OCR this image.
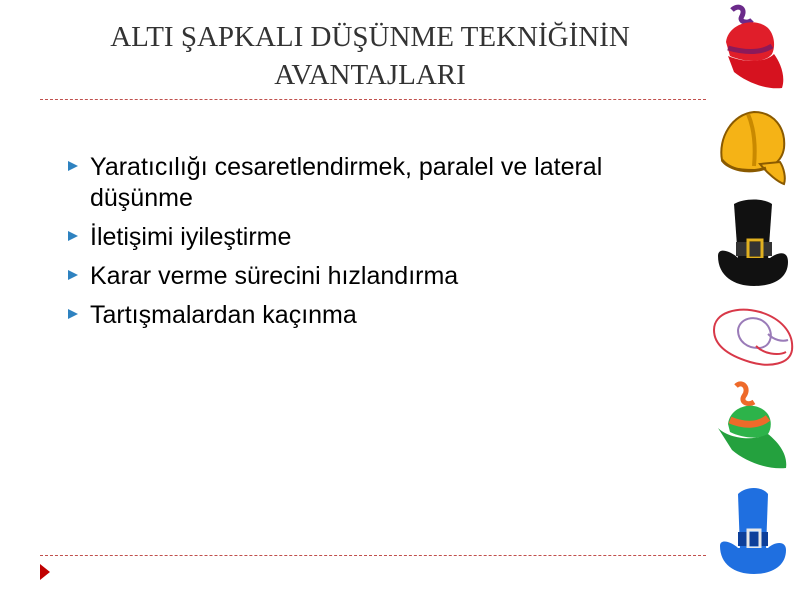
ALTI ŞAPKALI DÜŞÜNME TEKNİĞİNİN
AVANTAJLARI
Yaratıcılığı cesaretlendirmek, paralel ve lateral düşünme
İletişimi iyileştirme
Karar verme sürecini hızlandırma
Tartışmalardan kaçınma
